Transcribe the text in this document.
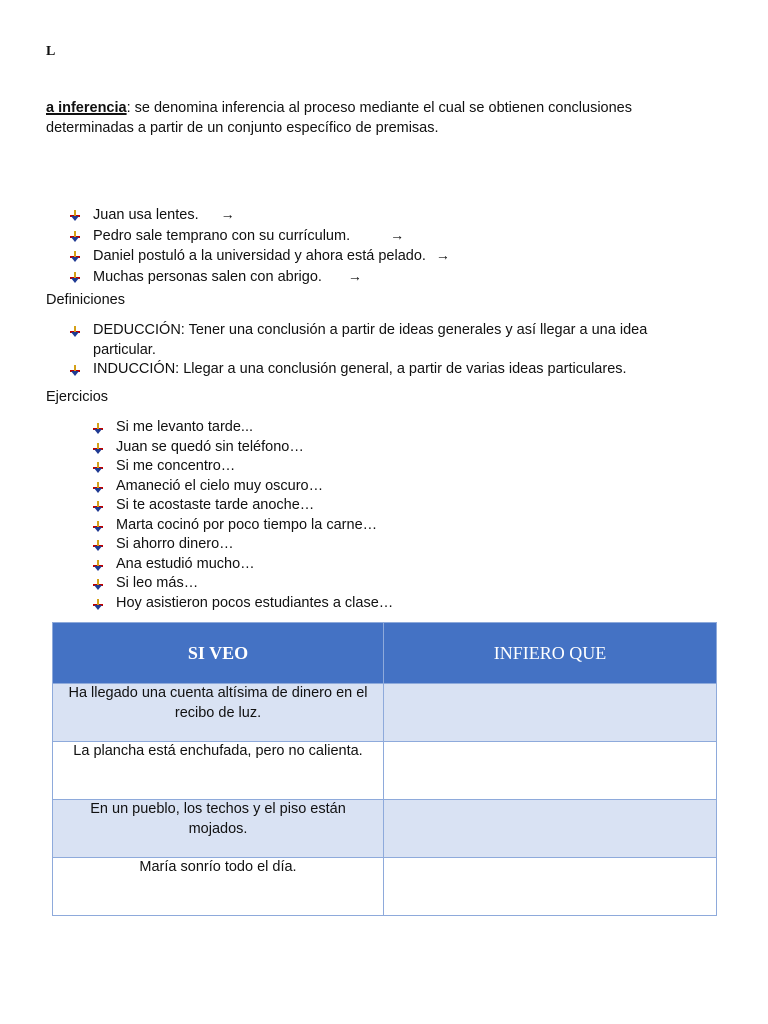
L
a inferencia: se denomina inferencia al proceso mediante el cual se obtienen conclusiones determinadas a partir de un conjunto específico de premisas.
Juan usa lentes. →
Pedro sale temprano con su currículum.	→
Daniel postuló a la universidad y ahora está pelado. →
Muchas personas salen con abrigo. →
Definiciones
DEDUCCIÓN: Tener una conclusión a partir de ideas generales y así llegar a una idea particular.
INDUCCIÓN: Llegar a una conclusión general, a partir de varias ideas particulares.
Ejercicios
Si me levanto tarde...
Juan se quedó sin teléfono…
Si me concentro…
Amaneció el cielo muy oscuro…
Si te acostaste tarde anoche…
Marta cocinó por poco tiempo la carne…
Si ahorro dinero…
Ana estudió mucho…
Si leo más…
Hoy asistieron pocos estudiantes a clase…
SI VEO	INFIERO QUE
Ha llegado una cuenta altísima de dinero en el recibo de luz.	
La plancha está enchufada, pero no calienta.	
En un pueblo, los techos y el piso están mojados.	
María sonrío todo el día.	
